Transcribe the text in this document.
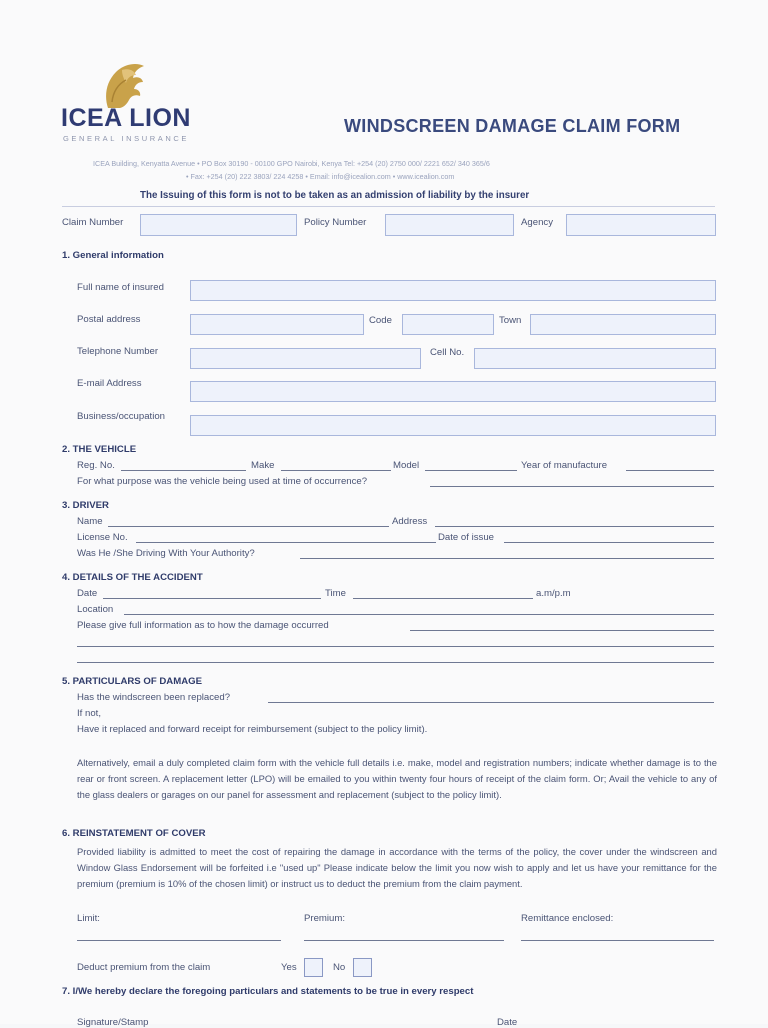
ICEA LION
GENERAL INSURANCE
WINDSCREEN DAMAGE CLAIM FORM
ICEA Building, Kenyatta Avenue • PO Box 30190 - 00100 GPO Nairobi, Kenya Tel: +254 (20) 2750 000/ 2221 652/ 340 365/6
• Fax: +254 (20) 222 3803/ 224 4258 • Email: info@icealion.com • www.icealion.com
The Issuing of this form is not to be taken as an admission of liability by the insurer
Claim Number	Policy Number	Agency
1. General information
Full name of insured
Postal address	Code	Town
Telephone Number	Cell No.
E-mail Address
Business/occupation
2. THE VEHICLE
Reg. No.	Make	Model	Year of manufacture
For what purpose was the vehicle being used at time of occurrence?
3. DRIVER
Name	Address
License No.	Date of issue
Was He /She Driving With Your Authority?
4. DETAILS OF THE ACCIDENT
Date	Time	a.m/p.m
Location
Please give full information as to how the damage occurred
5. PARTICULARS OF DAMAGE
Has the windscreen been replaced?
If not,
Have it replaced and forward receipt for reimbursement (subject to the policy limit).
Alternatively, email a duly completed claim form with the vehicle full details i.e. make, model and registration numbers; indicate whether damage is to the rear or front screen. A replacement letter (LPO) will be emailed to you within twenty four hours of receipt of the claim form. Or; Avail the vehicle to any of the glass dealers or garages on our panel for assessment and replacement (subject to the policy limit).
6. REINSTATEMENT OF COVER
Provided liability is admitted to meet the cost of repairing the damage in accordance with the terms of the policy, the cover under the windscreen and Window Glass Endorsement will be forfeited i.e "used up" Please indicate below the limit you now wish to apply and let us have your remittance for the premium (premium is 10% of the chosen limit) or instruct us to deduct the premium from the claim payment.
Limit:	Premium:	Remittance enclosed:
Deduct premium from the claim	Yes	No
7. I/We hereby declare the foregoing particulars and statements to be true in every respect
Signature/Stamp	Date
